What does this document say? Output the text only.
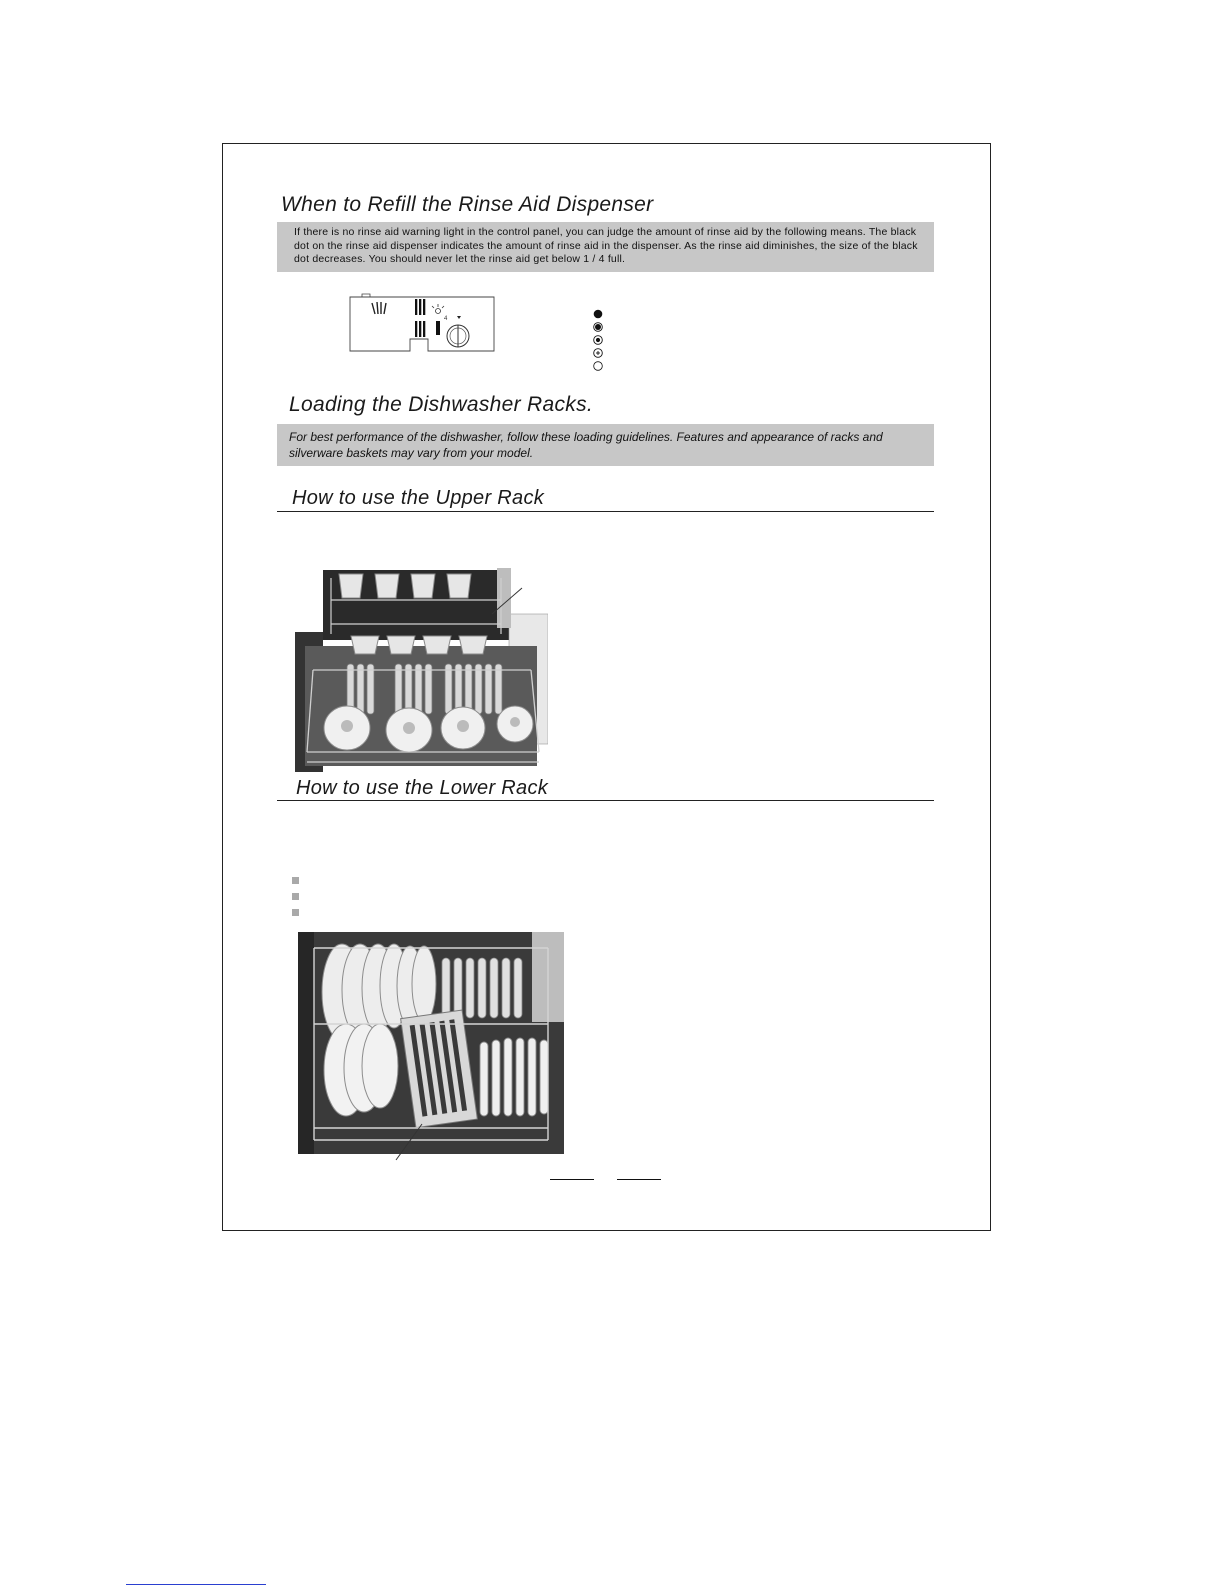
When to Refill the Rinse Aid Dispenser

If there is no rinse aid warning light in the control panel, you can judge the amount of rinse aid by the following means. The black dot on the rinse aid dispenser indicates the amount of rinse aid in the dispenser. As the rinse aid diminishes, the size of the black dot decreases. You should never let the rinse aid get below 1 / 4 full.

4
Loading the Dishwasher Racks.

For best performance of the dishwasher, follow these loading guidelines. Features and appearance of racks and silverware baskets may vary from your model.

How to use the Upper Rack
How to use the Lower Rack
